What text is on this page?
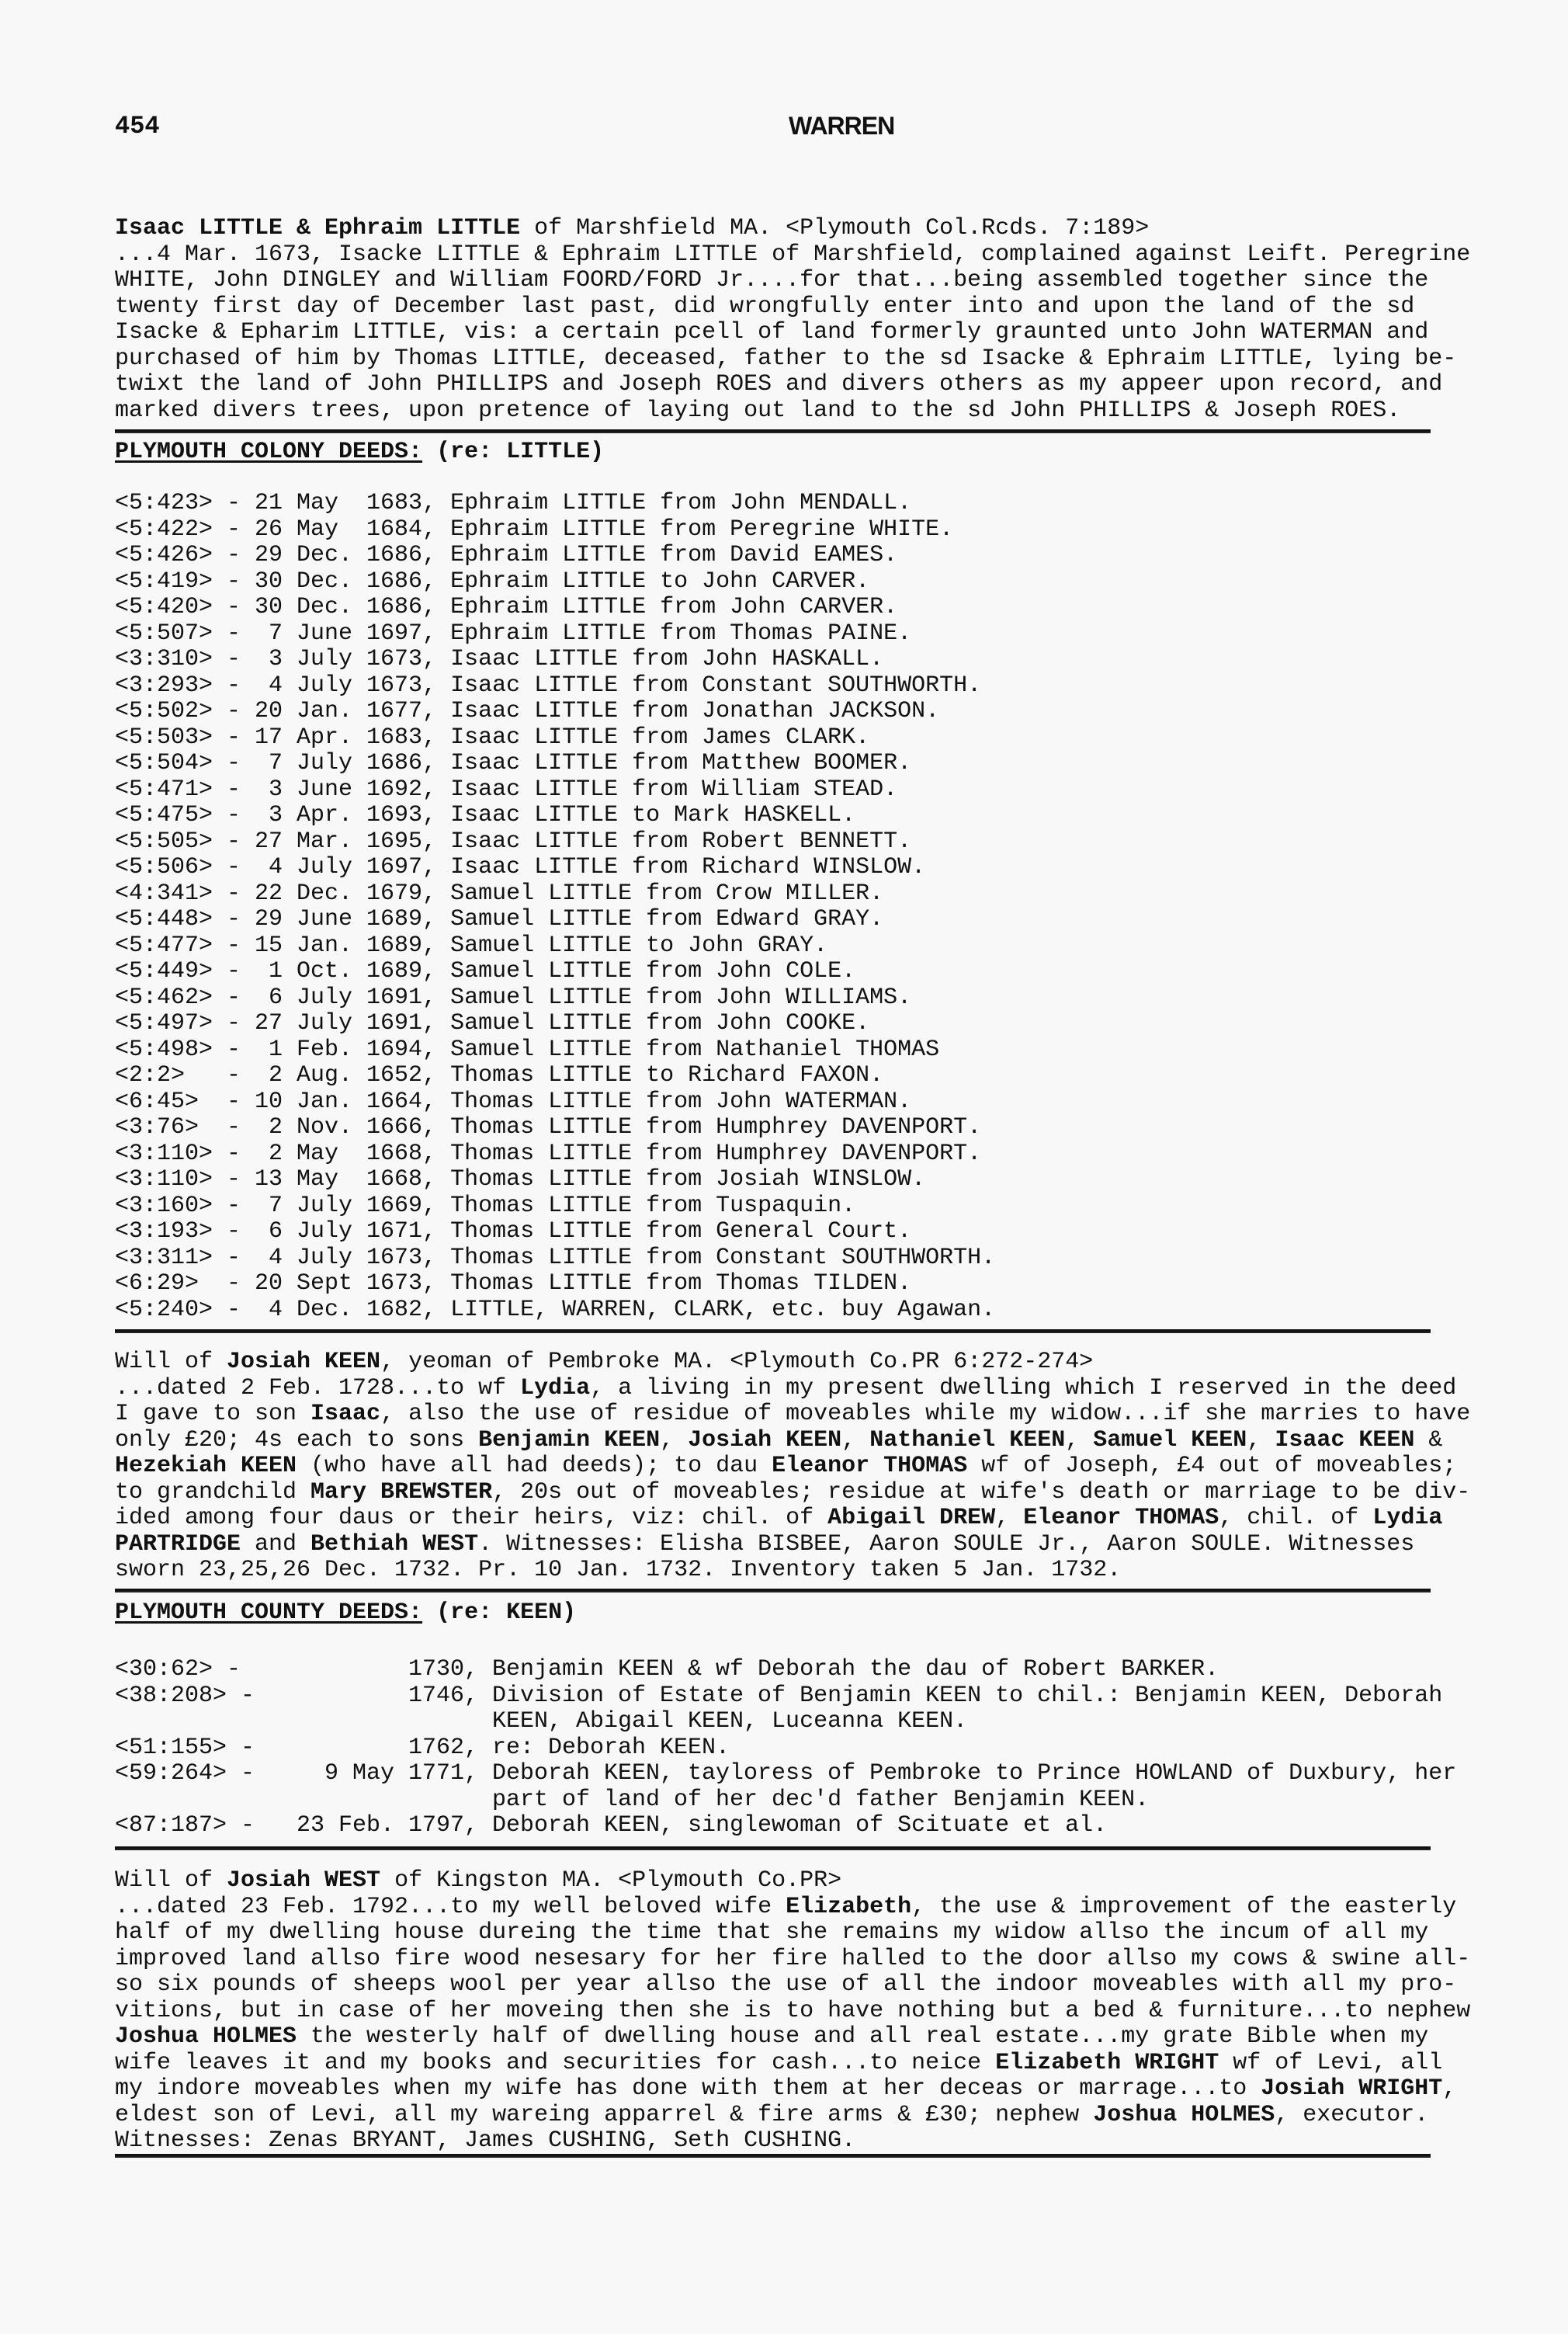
454	WARREN
Isaac LITTLE & Ephraim LITTLE of Marshfield MA. <Plymouth Col.Rcds. 7:189>
...4 Mar. 1673, Isacke LITTLE & Ephraim LITTLE of Marshfield, complained against Leift. Peregrine
WHITE, John DINGLEY and William FOORD/FORD Jr....for that...being assembled together since the
twenty first day of December last past, did wrongfully enter into and upon the land of the sd
Isacke & Epharim LITTLE, vis: a certain pcell of land formerly graunted unto John WATERMAN and
purchased of him by Thomas LITTLE, deceased, father to the sd Isacke & Ephraim LITTLE, lying be-
twixt the land of John PHILLIPS and Joseph ROES and divers others as my appeer upon record, and
marked divers trees, upon pretence of laying out land to the sd John PHILLIPS & Joseph ROES.
PLYMOUTH COLONY DEEDS: (re: LITTLE)
<5:423> - 21 May  1683, Ephraim LITTLE from John MENDALL.
<5:422> - 26 May  1684, Ephraim LITTLE from Peregrine WHITE.
<5:426> - 29 Dec. 1686, Ephraim LITTLE from David EAMES.
<5:419> - 30 Dec. 1686, Ephraim LITTLE to John CARVER.
<5:420> - 30 Dec. 1686, Ephraim LITTLE from John CARVER.
<5:507> -  7 June 1697, Ephraim LITTLE from Thomas PAINE.
<3:310> -  3 July 1673, Isaac LITTLE from John HASKALL.
<3:293> -  4 July 1673, Isaac LITTLE from Constant SOUTHWORTH.
<5:502> - 20 Jan. 1677, Isaac LITTLE from Jonathan JACKSON.
<5:503> - 17 Apr. 1683, Isaac LITTLE from James CLARK.
<5:504> -  7 July 1686, Isaac LITTLE from Matthew BOOMER.
<5:471> -  3 June 1692, Isaac LITTLE from William STEAD.
<5:475> -  3 Apr. 1693, Isaac LITTLE to Mark HASKELL.
<5:505> - 27 Mar. 1695, Isaac LITTLE from Robert BENNETT.
<5:506> -  4 July 1697, Isaac LITTLE from Richard WINSLOW.
<4:341> - 22 Dec. 1679, Samuel LITTLE from Crow MILLER.
<5:448> - 29 June 1689, Samuel LITTLE from Edward GRAY.
<5:477> - 15 Jan. 1689, Samuel LITTLE to John GRAY.
<5:449> -  1 Oct. 1689, Samuel LITTLE from John COLE.
<5:462> -  6 July 1691, Samuel LITTLE from John WILLIAMS.
<5:497> - 27 July 1691, Samuel LITTLE from John COOKE.
<5:498> -  1 Feb. 1694, Samuel LITTLE from Nathaniel THOMAS
<2:2>   -  2 Aug. 1652, Thomas LITTLE to Richard FAXON.
<6:45>  - 10 Jan. 1664, Thomas LITTLE from John WATERMAN.
<3:76>  -  2 Nov. 1666, Thomas LITTLE from Humphrey DAVENPORT.
<3:110> -  2 May  1668, Thomas LITTLE from Humphrey DAVENPORT.
<3:110> - 13 May  1668, Thomas LITTLE from Josiah WINSLOW.
<3:160> -  7 July 1669, Thomas LITTLE from Tuspaquin.
<3:193> -  6 July 1671, Thomas LITTLE from General Court.
<3:311> -  4 July 1673, Thomas LITTLE from Constant SOUTHWORTH.
<6:29>  - 20 Sept 1673, Thomas LITTLE from Thomas TILDEN.
<5:240> -  4 Dec. 1682, LITTLE, WARREN, CLARK, etc. buy Agawan.
Will of Josiah KEEN, yeoman of Pembroke MA. <Plymouth Co.PR 6:272-274>
...dated 2 Feb. 1728...to wf Lydia, a living in my present dwelling which I reserved in the deed
I gave to son Isaac, also the use of residue of moveables while my widow...if she marries to have
only £20; 4s each to sons Benjamin KEEN, Josiah KEEN, Nathaniel KEEN, Samuel KEEN, Isaac KEEN &
Hezekiah KEEN (who have all had deeds); to dau Eleanor THOMAS wf of Joseph, £4 out of moveables;
to grandchild Mary BREWSTER, 20s out of moveables; residue at wife's death or marriage to be div-
ided among four daus or their heirs, viz: chil. of Abigail DREW, Eleanor THOMAS, chil. of Lydia
PARTRIDGE and Bethiah WEST. Witnesses: Elisha BISBEE, Aaron SOULE Jr., Aaron SOULE. Witnesses
sworn 23,25,26 Dec. 1732. Pr. 10 Jan. 1732. Inventory taken 5 Jan. 1732.
PLYMOUTH COUNTY DEEDS: (re: KEEN)
<30:62> -	1730, Benjamin KEEN & wf Deborah the dau of Robert BARKER.
<38:208> -	1746, Division of Estate of Benjamin KEEN to chil.: Benjamin KEEN, Deborah
KEEN, Abigail KEEN, Luceanna KEEN.
<51:155> -	1762, re: Deborah KEEN.
<59:264> -	9 May 1771, Deborah KEEN, tayloress of Pembroke to Prince HOWLAND of Duxbury, her
part of land of her dec'd father Benjamin KEEN.
<87:187> -	23 Feb. 1797, Deborah KEEN, singlewoman of Scituate et al.
Will of Josiah WEST of Kingston MA. <Plymouth Co.PR>
...dated 23 Feb. 1792...to my well beloved wife Elizabeth, the use & improvement of the easterly
half of my dwelling house dureing the time that she remains my widow allso the incum of all my
improved land allso fire wood nesesary for her fire halled to the door allso my cows & swine all-
so six pounds of sheeps wool per year allso the use of all the indoor moveables with all my pro-
vitions, but in case of her moveing then she is to have nothing but a bed & furniture...to nephew
Joshua HOLMES the westerly half of dwelling house and all real estate...my grate Bible when my
wife leaves it and my books and securities for cash...to neice Elizabeth WRIGHT wf of Levi, all
my indore moveables when my wife has done with them at her deceas or marrage...to Josiah WRIGHT,
eldest son of Levi, all my wareing apparrel & fire arms & £30; nephew Joshua HOLMES, executor.
Witnesses: Zenas BRYANT, James CUSHING, Seth CUSHING.
